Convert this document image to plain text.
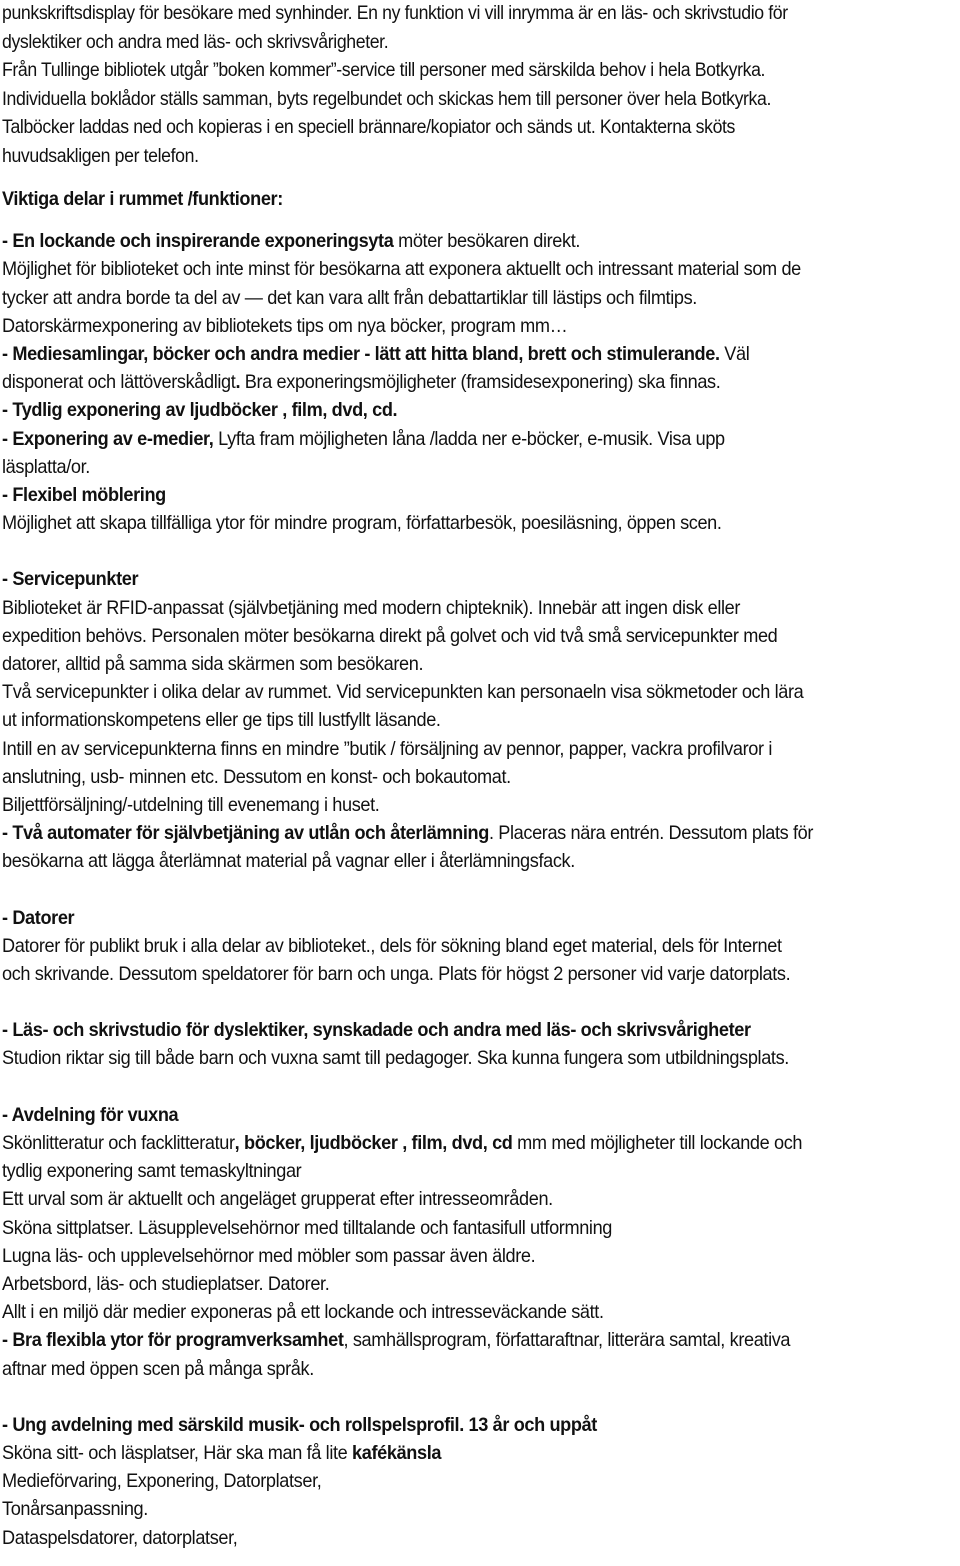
punkskriftsdisplay för besökare med synhinder. En ny funktion vi vill inrymma är en läs- och skrivstudio för
dyslektiker och andra med läs- och skrivsvårigheter.
Från Tullinge bibliotek utgår ”boken kommer”-service till personer med särskilda behov i hela Botkyrka.
Individuella boklådor ställs samman, byts regelbundet och skickas hem till personer över hela Botkyrka.
Talböcker laddas ned och kopieras i en speciell brännare/kopiator och sänds ut. Kontakterna sköts
huvudsakligen per telefon.
Viktiga delar i rummet /funktioner:
- En lockande och inspirerande exponeringsyta möter besökaren direkt.
Möjlighet för biblioteket och inte minst för besökarna att exponera aktuellt och intressant material som de
tycker att andra borde ta del av — det kan vara allt från debattartiklar till lästips och filmtips.
Datorskärmexponering av bibliotekets tips om nya böcker, program mm…
- Mediesamlingar, böcker och andra medier - lätt att hitta bland, brett och stimulerande. Väl
disponerat och lättöverskådligt. Bra exponeringsmöjligheter (framsidesexponering) ska finnas.
- Tydlig exponering av ljudböcker , film, dvd, cd.
- Exponering av e-medier, Lyfta fram möjligheten låna /ladda ner e-böcker, e-musik. Visa upp
läsplatta/or.
- Flexibel möblering
Möjlighet att skapa tillfälliga ytor för mindre program, författarbesök, poesiläsning, öppen scen.
- Servicepunkter
Biblioteket är RFID-anpassat (självbetjäning med modern chipteknik). Innebär att ingen disk eller
expedition behövs. Personalen möter besökarna direkt på golvet och vid två små servicepunkter med
datorer, alltid på samma sida skärmen som besökaren.
Två servicepunkter i olika delar av rummet. Vid servicepunkten kan personaeln visa sökmetoder och lära
ut informationskompetens eller ge tips till lustfyllt läsande.
Intill en av servicepunkterna finns en mindre ”butik / försäljning av pennor, papper, vackra profilvaror i
anslutning, usb- minnen etc. Dessutom en konst- och bokautomat.
Biljettförsäljning/-utdelning till evenemang i huset.
- Två automater för självbetjäning av utlån och återlämning. Placeras nära entrén. Dessutom plats för
besökarna att lägga återlämnat material på vagnar eller i återlämningsfack.
- Datorer
Datorer för publikt bruk i alla delar av biblioteket., dels för sökning bland eget material, dels för Internet
och skrivande. Dessutom speldatorer för barn och unga. Plats för högst 2 personer vid varje datorplats.
- Läs- och skrivstudio för dyslektiker, synskadade och andra med läs- och skrivsvårigheter
Studion riktar sig till både barn och vuxna samt till pedagoger. Ska kunna fungera som utbildningsplats.
- Avdelning för vuxna
Skönlitteratur och facklitteratur, böcker, ljudböcker , film, dvd, cd mm med möjligheter till lockande och
tydlig exponering samt temaskyltningar
Ett urval som är aktuellt och angeläget grupperat efter intresseområden.
Sköna sittplatser. Läsupplevelsehörnor med tilltalande och fantasifull utformning
Lugna läs- och upplevelsehörnor med möbler som passar även äldre.
Arbetsbord, läs- och studieplatser. Datorer.
Allt i en miljö där medier exponeras på ett lockande och intresseväckande sätt.
- Bra flexibla ytor för programverksamhet, samhällsprogram, författaraftnar, litterära samtal, kreativa
aftnar med öppen scen på många språk.
- Ung avdelning med särskild musik- och rollspelsprofil. 13 år och uppåt
Sköna sitt- och läsplatser, Här ska man få lite kafékänsla
Medieförvaring, Exponering, Datorplatser,
Tonårsanpassning.
Dataspelsdatorer, datorplatser,
